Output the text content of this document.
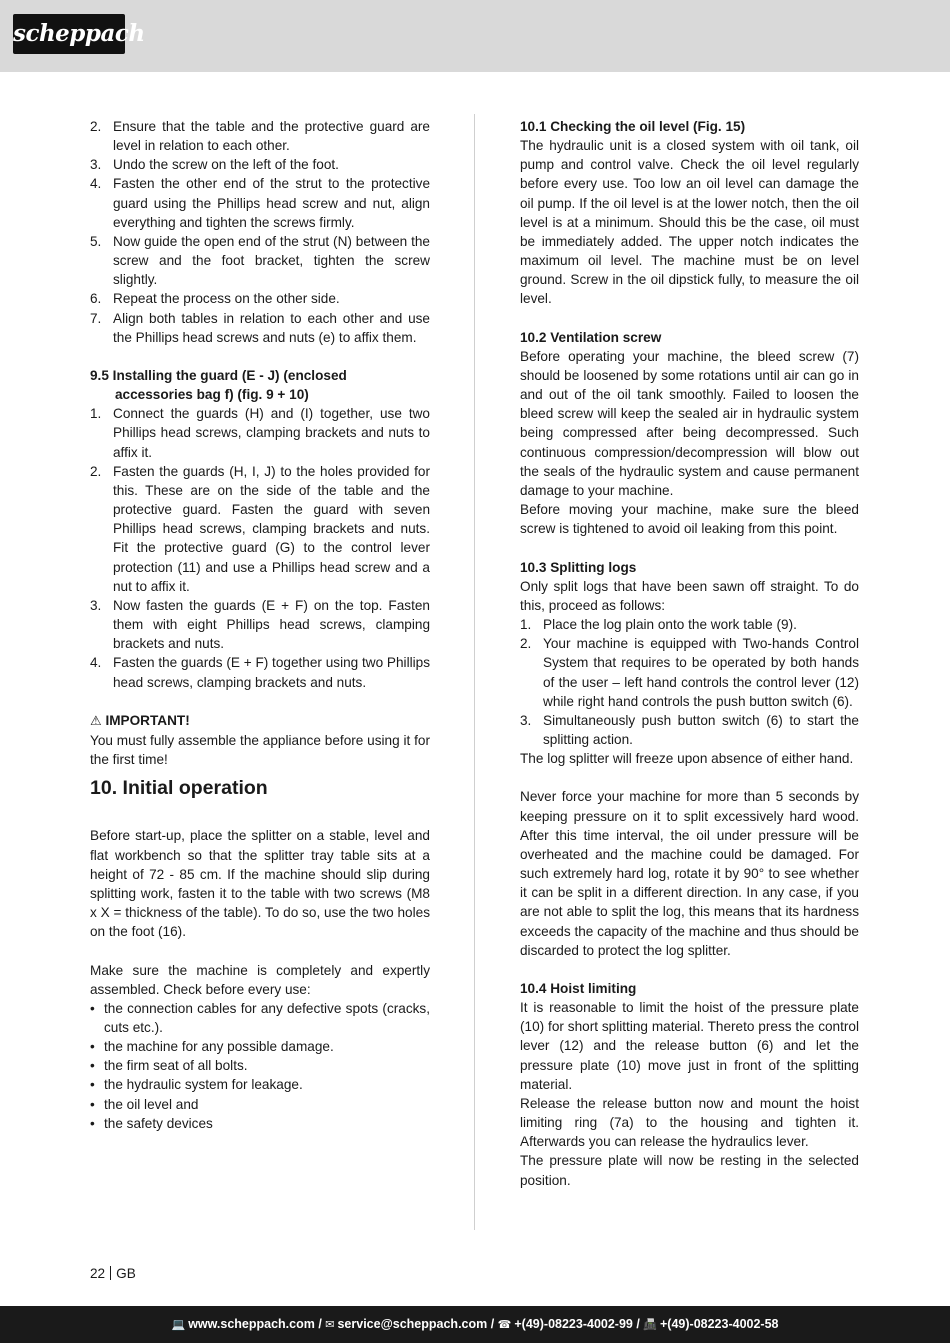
scheppach
2. Ensure that the table and the protective guard are level in relation to each other.
3. Undo the screw on the left of the foot.
4. Fasten the other end of the strut to the protective guard using the Phillips head screw and nut, align everything and tighten the screws firmly.
5. Now guide the open end of the strut (N) between the screw and the foot bracket, tighten the screw slightly.
6. Repeat the process on the other side.
7. Align both tables in relation to each other and use the Phillips head screws and nuts (e) to affix them.

9.5 Installing the guard (E - J) (enclosed
accessories bag f) (fig. 9 + 10)

1. Connect the guards (H) and (I) together, use two Phillips head screws, clamping brackets and nuts to affix it.
2. Fasten the guards (H, I, J) to the holes provided for this. These are on the side of the table and the protective guard. Fasten the guard with seven Phillips head screws, clamping brackets and nuts. Fit the protective guard (G) to the control lever protection (11) and use a Phillips head screw and a nut to affix it.
3. Now fasten the guards (E + F) on the top. Fasten them with eight Phillips head screws, clamping brackets and nuts.
4. Fasten the guards (E + F) together using two Phillips head screws, clamping brackets and nuts.

⚠ IMPORTANT!

You must fully assemble the appliance before using it for the first time!

10. Initial operation

Before start-up, place the splitter on a stable, level and flat workbench so that the splitter tray table sits at a height of 72 - 85 cm. If the machine should slip during splitting work, fasten it to the table with two screws (M8 x X = thickness of the table). To do so, use the two holes on the foot (16).

Make sure the machine is completely and expertly assembled. Check before every use:

• the connection cables for any defective spots (cracks, cuts etc.).
• the machine for any possible damage.
• the firm seat of all bolts.
• the hydraulic system for leakage.
• the oil level and
• the safety devices

10.1 Checking the oil level (Fig. 15)

The hydraulic unit is a closed system with oil tank, oil pump and control valve. Check the oil level regularly before every use. Too low an oil level can damage the oil pump. If the oil level is at the lower notch, then the oil level is at a minimum. Should this be the case, oil must be immediately added. The upper notch indicates the maximum oil level. The machine must be on level ground. Screw in the oil dipstick fully, to measure the oil level.

10.2 Ventilation screw

Before operating your machine, the bleed screw (7) should be loosened by some rotations until air can go in and out of the oil tank smoothly. Failed to loosen the bleed screw will keep the sealed air in hydraulic system being compressed after being decompressed. Such continuous compression/decompression will blow out the seals of the hydraulic system and cause permanent damage to your machine.

Before moving your machine, make sure the bleed screw is tightened to avoid oil leaking from this point.

10.3 Splitting logs

Only split logs that have been sawn off straight. To do this, proceed as follows:

1. Place the log plain onto the work table (9).
2. Your machine is equipped with Two-hands Control System that requires to be operated by both hands of the user – left hand controls the control lever (12) while right hand controls the push button switch (6).
3. Simultaneously push button switch (6) to start the splitting action.

The log splitter will freeze upon absence of either hand.

Never force your machine for more than 5 seconds by keeping pressure on it to split excessively hard wood. After this time interval, the oil under pressure will be overheated and the machine could be damaged. For such extremely hard log, rotate it by 90° to see whether it can be split in a different direction. In any case, if you are not able to split the log, this means that its hardness exceeds the capacity of the machine and thus should be discarded to protect the log splitter.

10.4 Hoist limiting

It is reasonable to limit the hoist of the pressure plate (10) for short splitting material. Thereto press the control lever (12) and the release button (6) and let the pressure plate (10) move just in front of the splitting material.

Release the release button now and mount the hoist limiting ring (7a) to the housing and tighten it. Afterwards you can release the hydraulics lever.

The pressure plate will now be resting in the selected position.

22 GB
💻 www.scheppach.com / ✉ service@scheppach.com / ☎ +(49)-08223-4002-99 / 📠 +(49)-08223-4002-58
